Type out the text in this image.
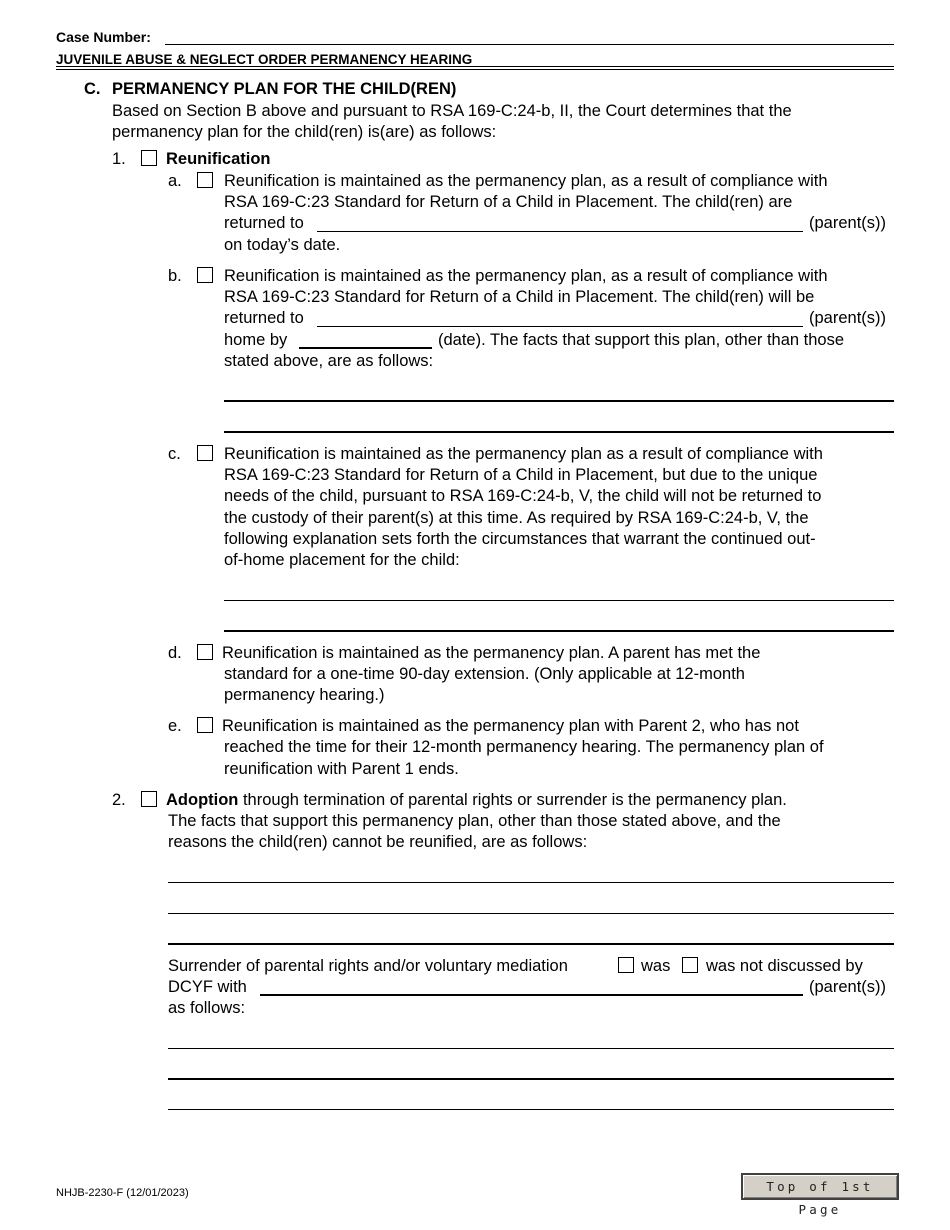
Case Number:
JUVENILE ABUSE & NEGLECT ORDER PERMANENCY HEARING
C. PERMANENCY PLAN FOR THE CHILD(REN)
Based on Section B above and pursuant to RSA 169-C:24-b, II, the Court determines that the
permanency plan for the child(ren) is(are) as follows:
1. Reunification
a.	Reunification is maintained as the permanency plan, as a result of compliance with
RSA 169-C:23 Standard for Return of a Child in Placement. The child(ren) are
returned to	(parent(s))
on today’s date.
b.	Reunification is maintained as the permanency plan, as a result of compliance with
RSA 169-C:23 Standard for Return of a Child in Placement. The child(ren) will be
returned to	(parent(s))
home by	(date). The facts that support this plan, other than those
stated above, are as follows:
c.	Reunification is maintained as the permanency plan as a result of compliance with
RSA 169-C:23 Standard for Return of a Child in Placement, but due to the unique
needs of the child, pursuant to RSA 169-C:24-b, V, the child will not be returned to
the custody of their parent(s) at this time. As required by RSA 169-C:24-b, V, the
following explanation sets forth the circumstances that warrant the continued out-
of-home placement for the child:
d. Reunification is maintained as the permanency plan. A parent has met the
standard for a one-time 90-day extension. (Only applicable at 12-month
permanency hearing.)
e. Reunification is maintained as the permanency plan with Parent 2, who has not
reached the time for their 12-month permanency hearing. The permanency plan of
reunification with Parent 1 ends.
2. Adoption through termination of parental rights or surrender is the permanency plan.
The facts that support this permanency plan, other than those stated above, and the
reasons the child(ren) cannot be reunified, are as follows:
Surrender of parental rights and/or voluntary mediation	was was not discussed by
DCYF with	(parent(s))
as follows:
NHJB-2230-F (12/01/2023)	Top of 1st Page
